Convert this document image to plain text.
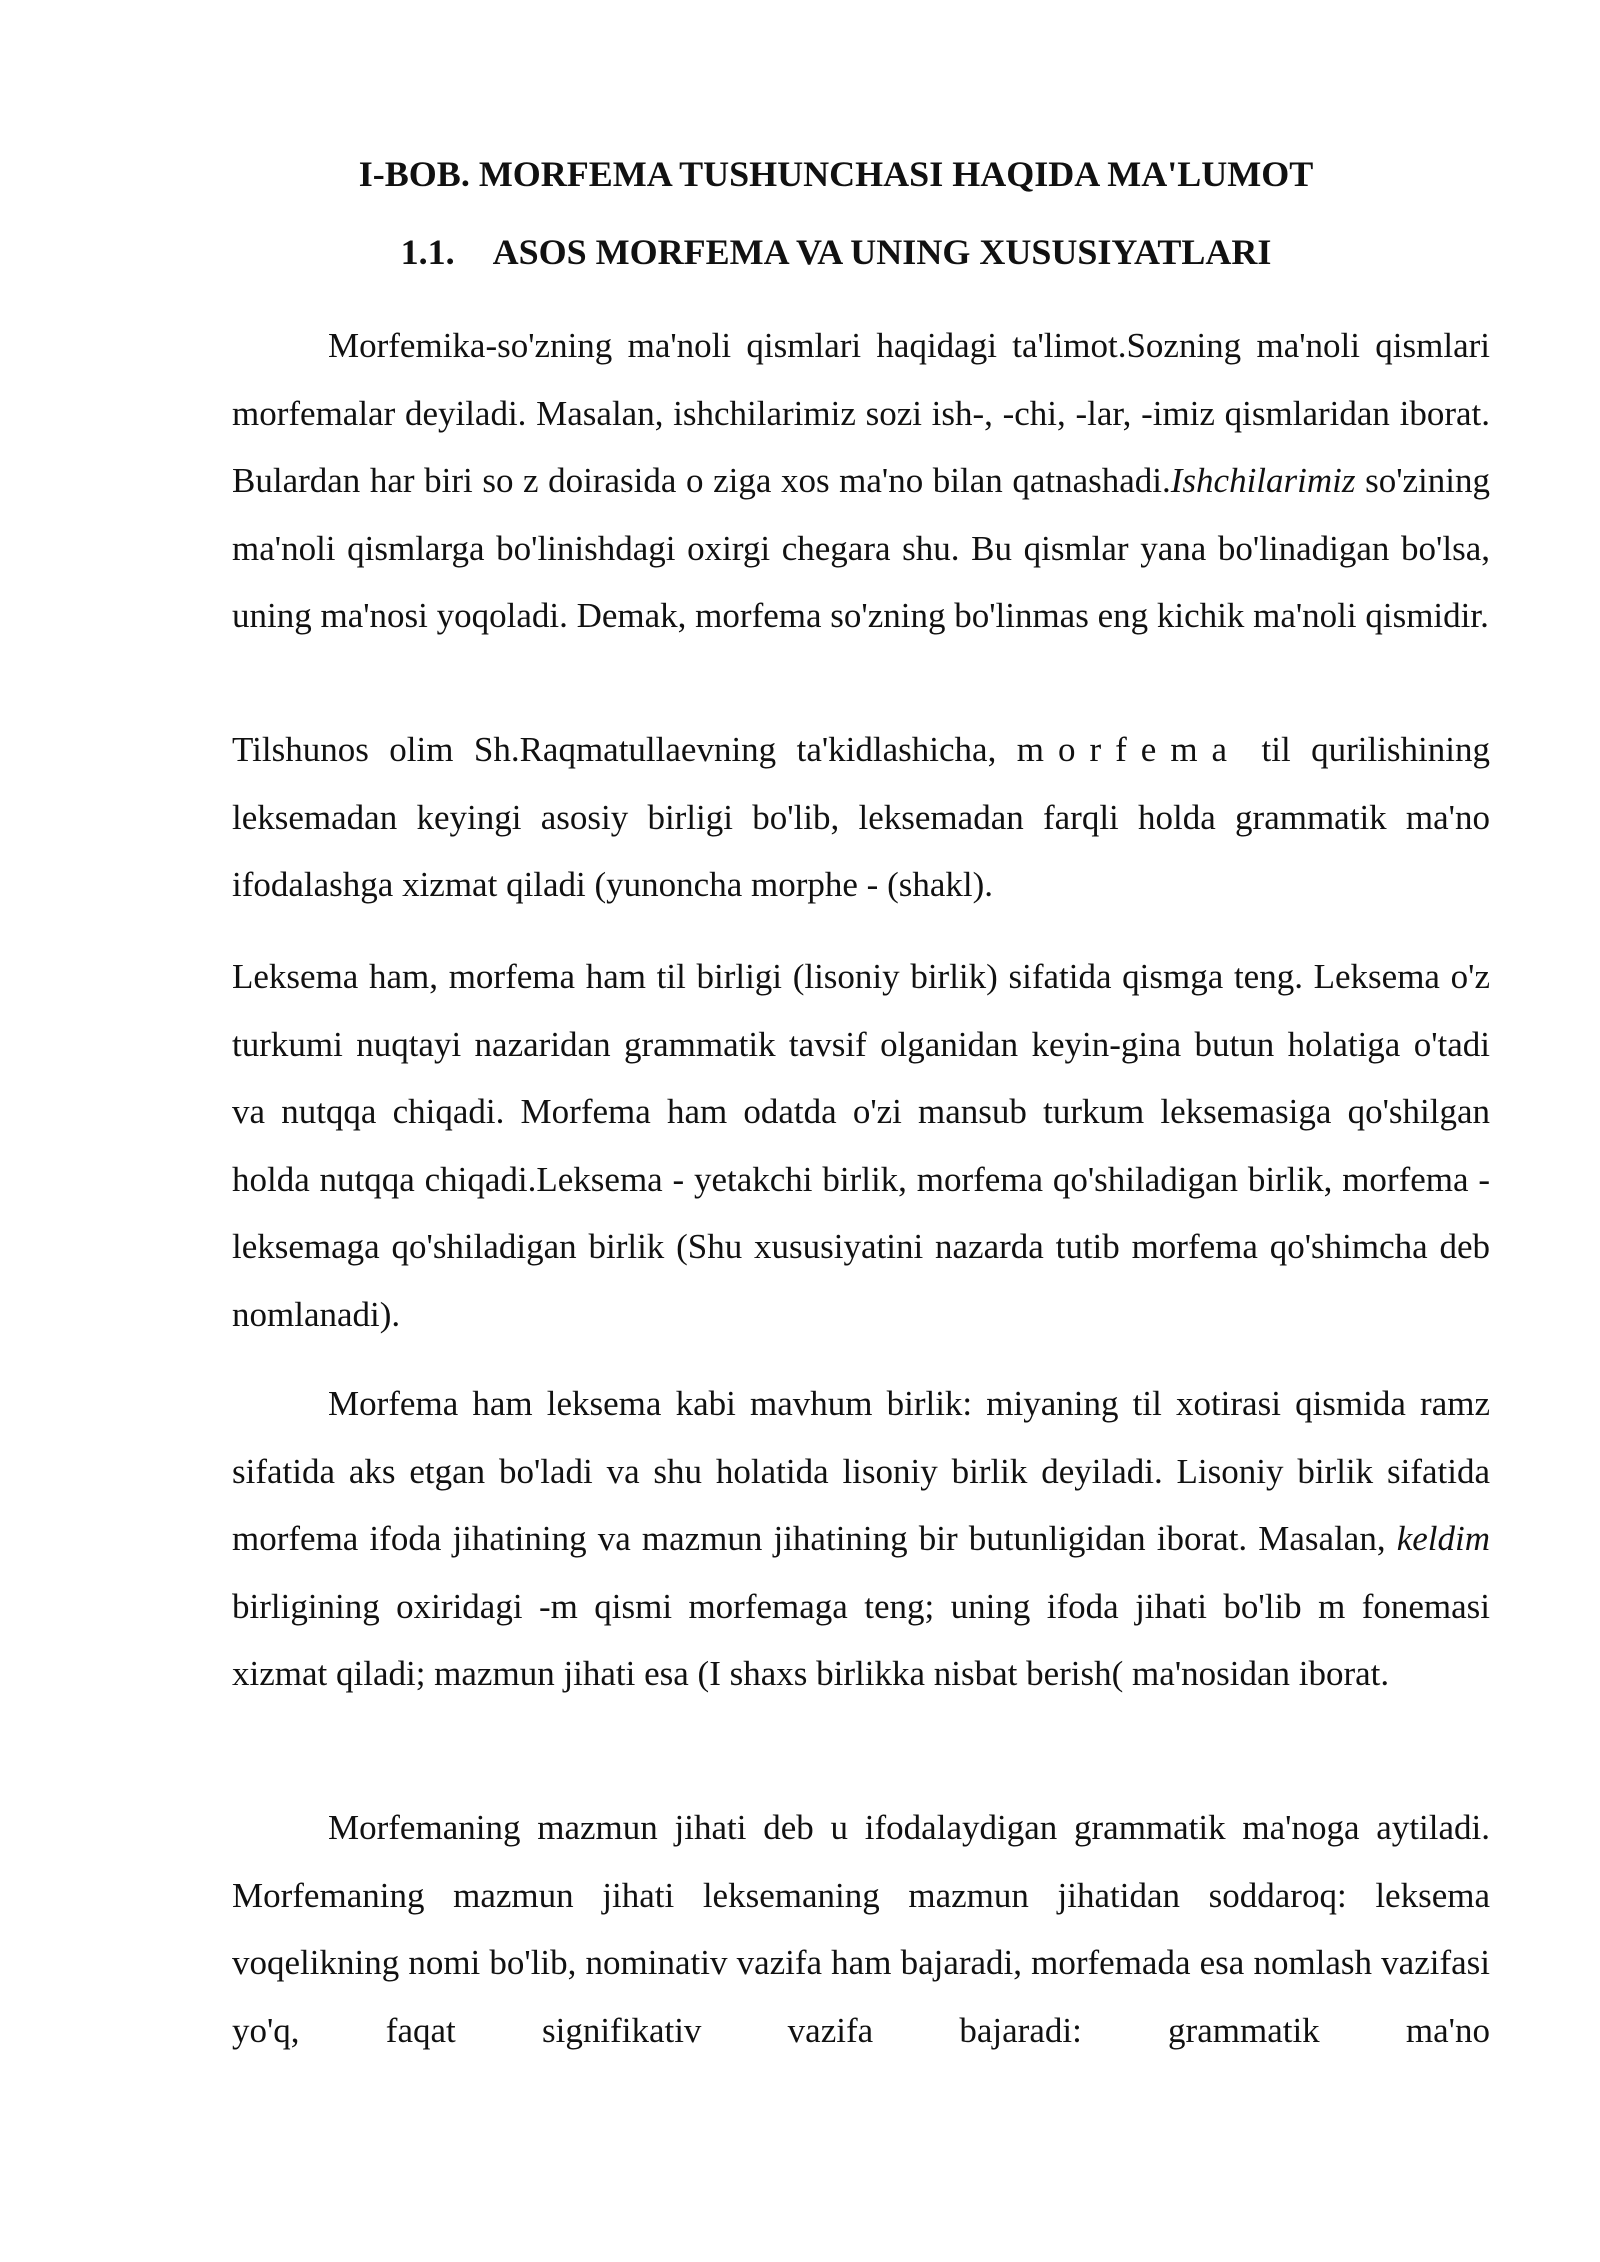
I-BOB. MORFEMA TUSHUNCHASI HAQIDA MA'LUMOT
1.1. ASOS MORFEMA VA UNING XUSUSIYATLARI

Morfemika-so'zning ma'noli qismlari haqidagi ta'limot.Sozning ma'noli qismlari morfemalar deyiladi. Masalan, ishchilarimiz sozi ish-, -chi, -lar, -imiz qismlaridan iborat. Bulardan har biri so z doirasida o ziga xos ma'no bilan qatnashadi.Ishchilarimiz so'zining ma'noli qismlarga bo'linishdagi oxirgi chegara shu. Bu qismlar yana bo'linadigan bo'lsa, uning ma'nosi yoqoladi. Demak, morfema so'zning bo'linmas eng kichik ma'noli qismidir.

Tilshunos olim Sh.Raqmatullaevning ta'kidlashicha, morfema til qurilishining leksemadan keyingi asosiy birligi bo'lib, leksemadan farqli holda grammatik ma'no ifodalashga xizmat qiladi (yunoncha morphe - (shakl).

Leksema ham, morfema ham til birligi (lisoniy birlik) sifatida qismga teng. Leksema o'z turkumi nuqtayi nazaridan grammatik tavsif olganidan keyin-gina butun holatiga o'tadi va nutqqa chiqadi. Morfema ham odatda o'zi mansub turkum leksemasiga qo'shilgan holda nutqqa chiqadi.Leksema - yetakchi birlik, morfema qo'shiladigan birlik, morfema - leksemaga qo'shiladigan birlik (Shu xususiyatini nazarda tutib morfema qo'shimcha deb nomlanadi).

Morfema ham leksema kabi mavhum birlik: miyaning til xotirasi qismida ramz sifatida aks etgan bo'ladi va shu holatida lisoniy birlik deyiladi. Lisoniy birlik sifatida morfema ifoda jihatining va mazmun jihatining bir butunligidan iborat. Masalan, keldim birligining oxiridagi -m qismi morfemaga teng; uning ifoda jihati bo'lib m fonemasi xizmat qiladi; mazmun jihati esa (I shaxs birlikka nisbat berish( ma'nosidan iborat.

Morfemaning mazmun jihati deb u ifodalaydigan grammatik ma'noga aytiladi. Morfemaning mazmun jihati leksemaning mazmun jihatidan soddaroq: leksema voqelikning nomi bo'lib, nominativ vazifa ham bajaradi, morfemada esa nomlash vazifasi yo'q, faqat signifikativ vazifa bajaradi: grammatik ma'no
